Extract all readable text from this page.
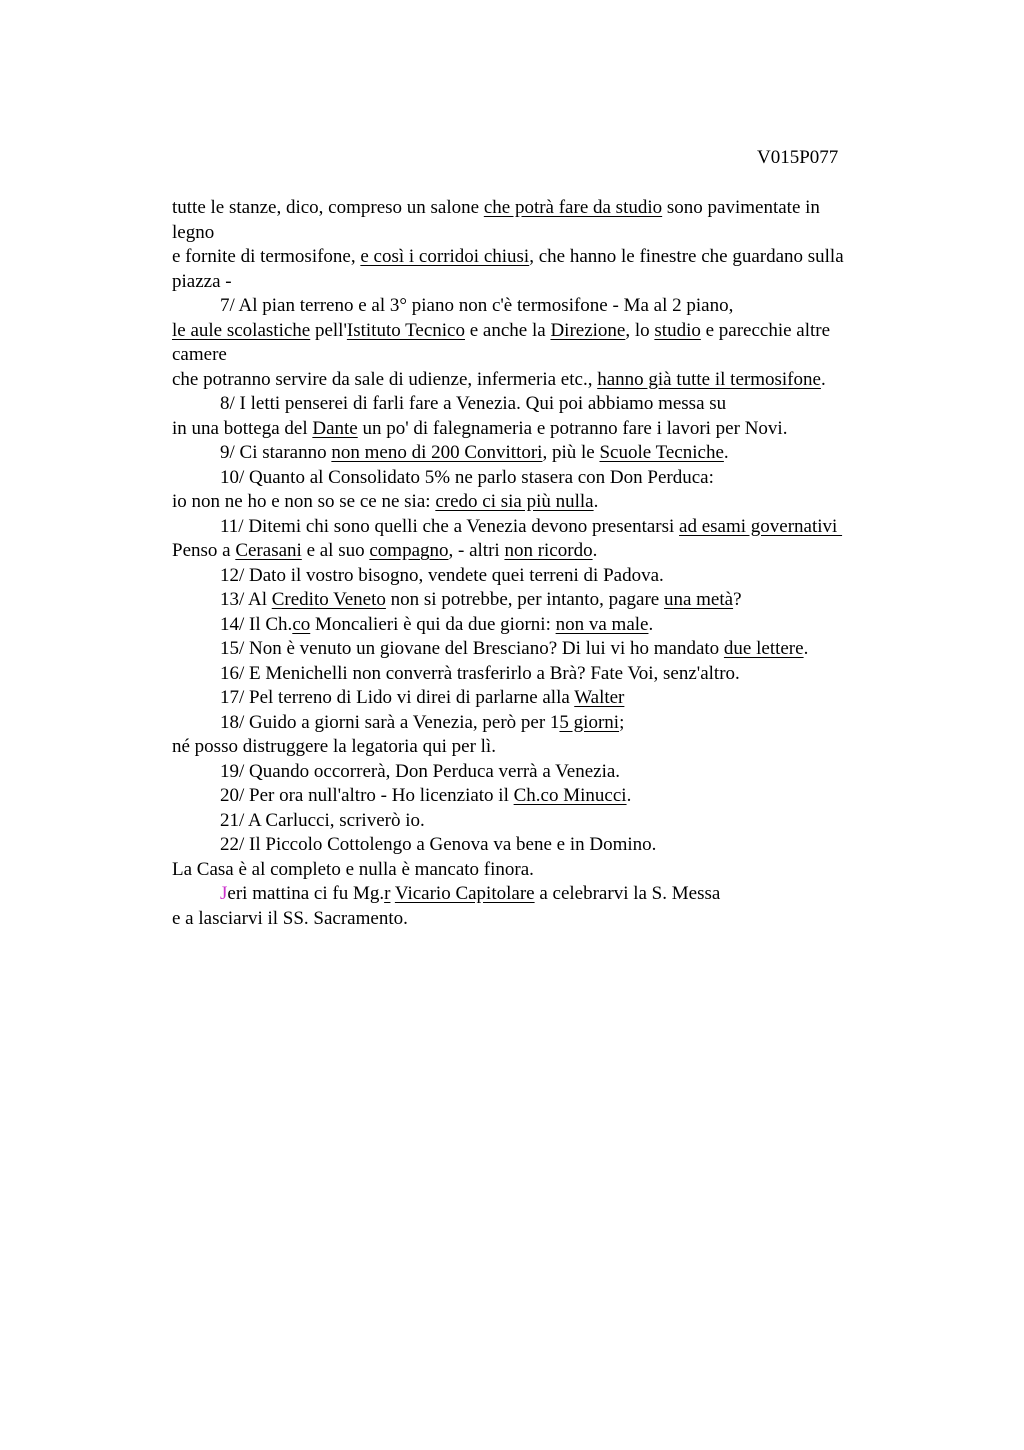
V015P077
tutte le stanze, dico, compreso un salone che potrà fare da studio sono pavimentate in
legno
e fornite di termosifone, e così i corridoi chiusi, che hanno le finestre che guardano sulla
piazza -
7/ Al pian terreno e al 3° piano non c'è termosifone - Ma al 2 piano,
le aule scolastiche pell'Istituto Tecnico e anche la Direzione, lo studio e parecchie altre
camere
che potranno servire da sale di udienze, infermeria etc., hanno già tutte il termosifone.
8/ I letti penserei di farli fare a Venezia. Qui poi abbiamo messa su
in una bottega del Dante un po' di falegnameria e potranno fare i lavori per Novi.
9/ Ci staranno non meno di 200 Convittori, più le Scuole Tecniche.
10/ Quanto al Consolidato 5% ne parlo stasera con Don Perduca:
io non ne ho e non so se ce ne sia: credo ci sia più nulla.
11/ Ditemi chi sono quelli che a Venezia devono presentarsi ad esami governativi
Penso a Cerasani e al suo compagno, - altri non ricordo.
12/ Dato il vostro bisogno, vendete quei terreni di Padova.
13/ Al Credito Veneto non si potrebbe, per intanto, pagare una metà?
14/ Il Ch.co Moncalieri è qui da due giorni: non va male.
15/ Non è venuto un giovane del Bresciano? Di lui vi ho mandato due lettere.
16/ E Menichelli non converrà trasferirlo a Brà? Fate Voi, senz'altro.
17/ Pel terreno di Lido vi direi di parlarne alla Walter
18/ Guido a giorni sarà a Venezia, però per 15 giorni;
né posso distruggere la legatoria qui per lì.
19/ Quando occorrerà, Don Perduca verrà a Venezia.
20/ Per ora null'altro - Ho licenziato il Ch.co Minucci.
21/ A Carlucci, scriverò io.
22/ Il Piccolo Cottolengo a Genova va bene e in Domino.
La Casa è al completo e nulla è mancato finora.
Jeri mattina ci fu Mg.r Vicario Capitolare a celebrarvi la S. Messa
e a lasciarvi il SS. Sacramento.
